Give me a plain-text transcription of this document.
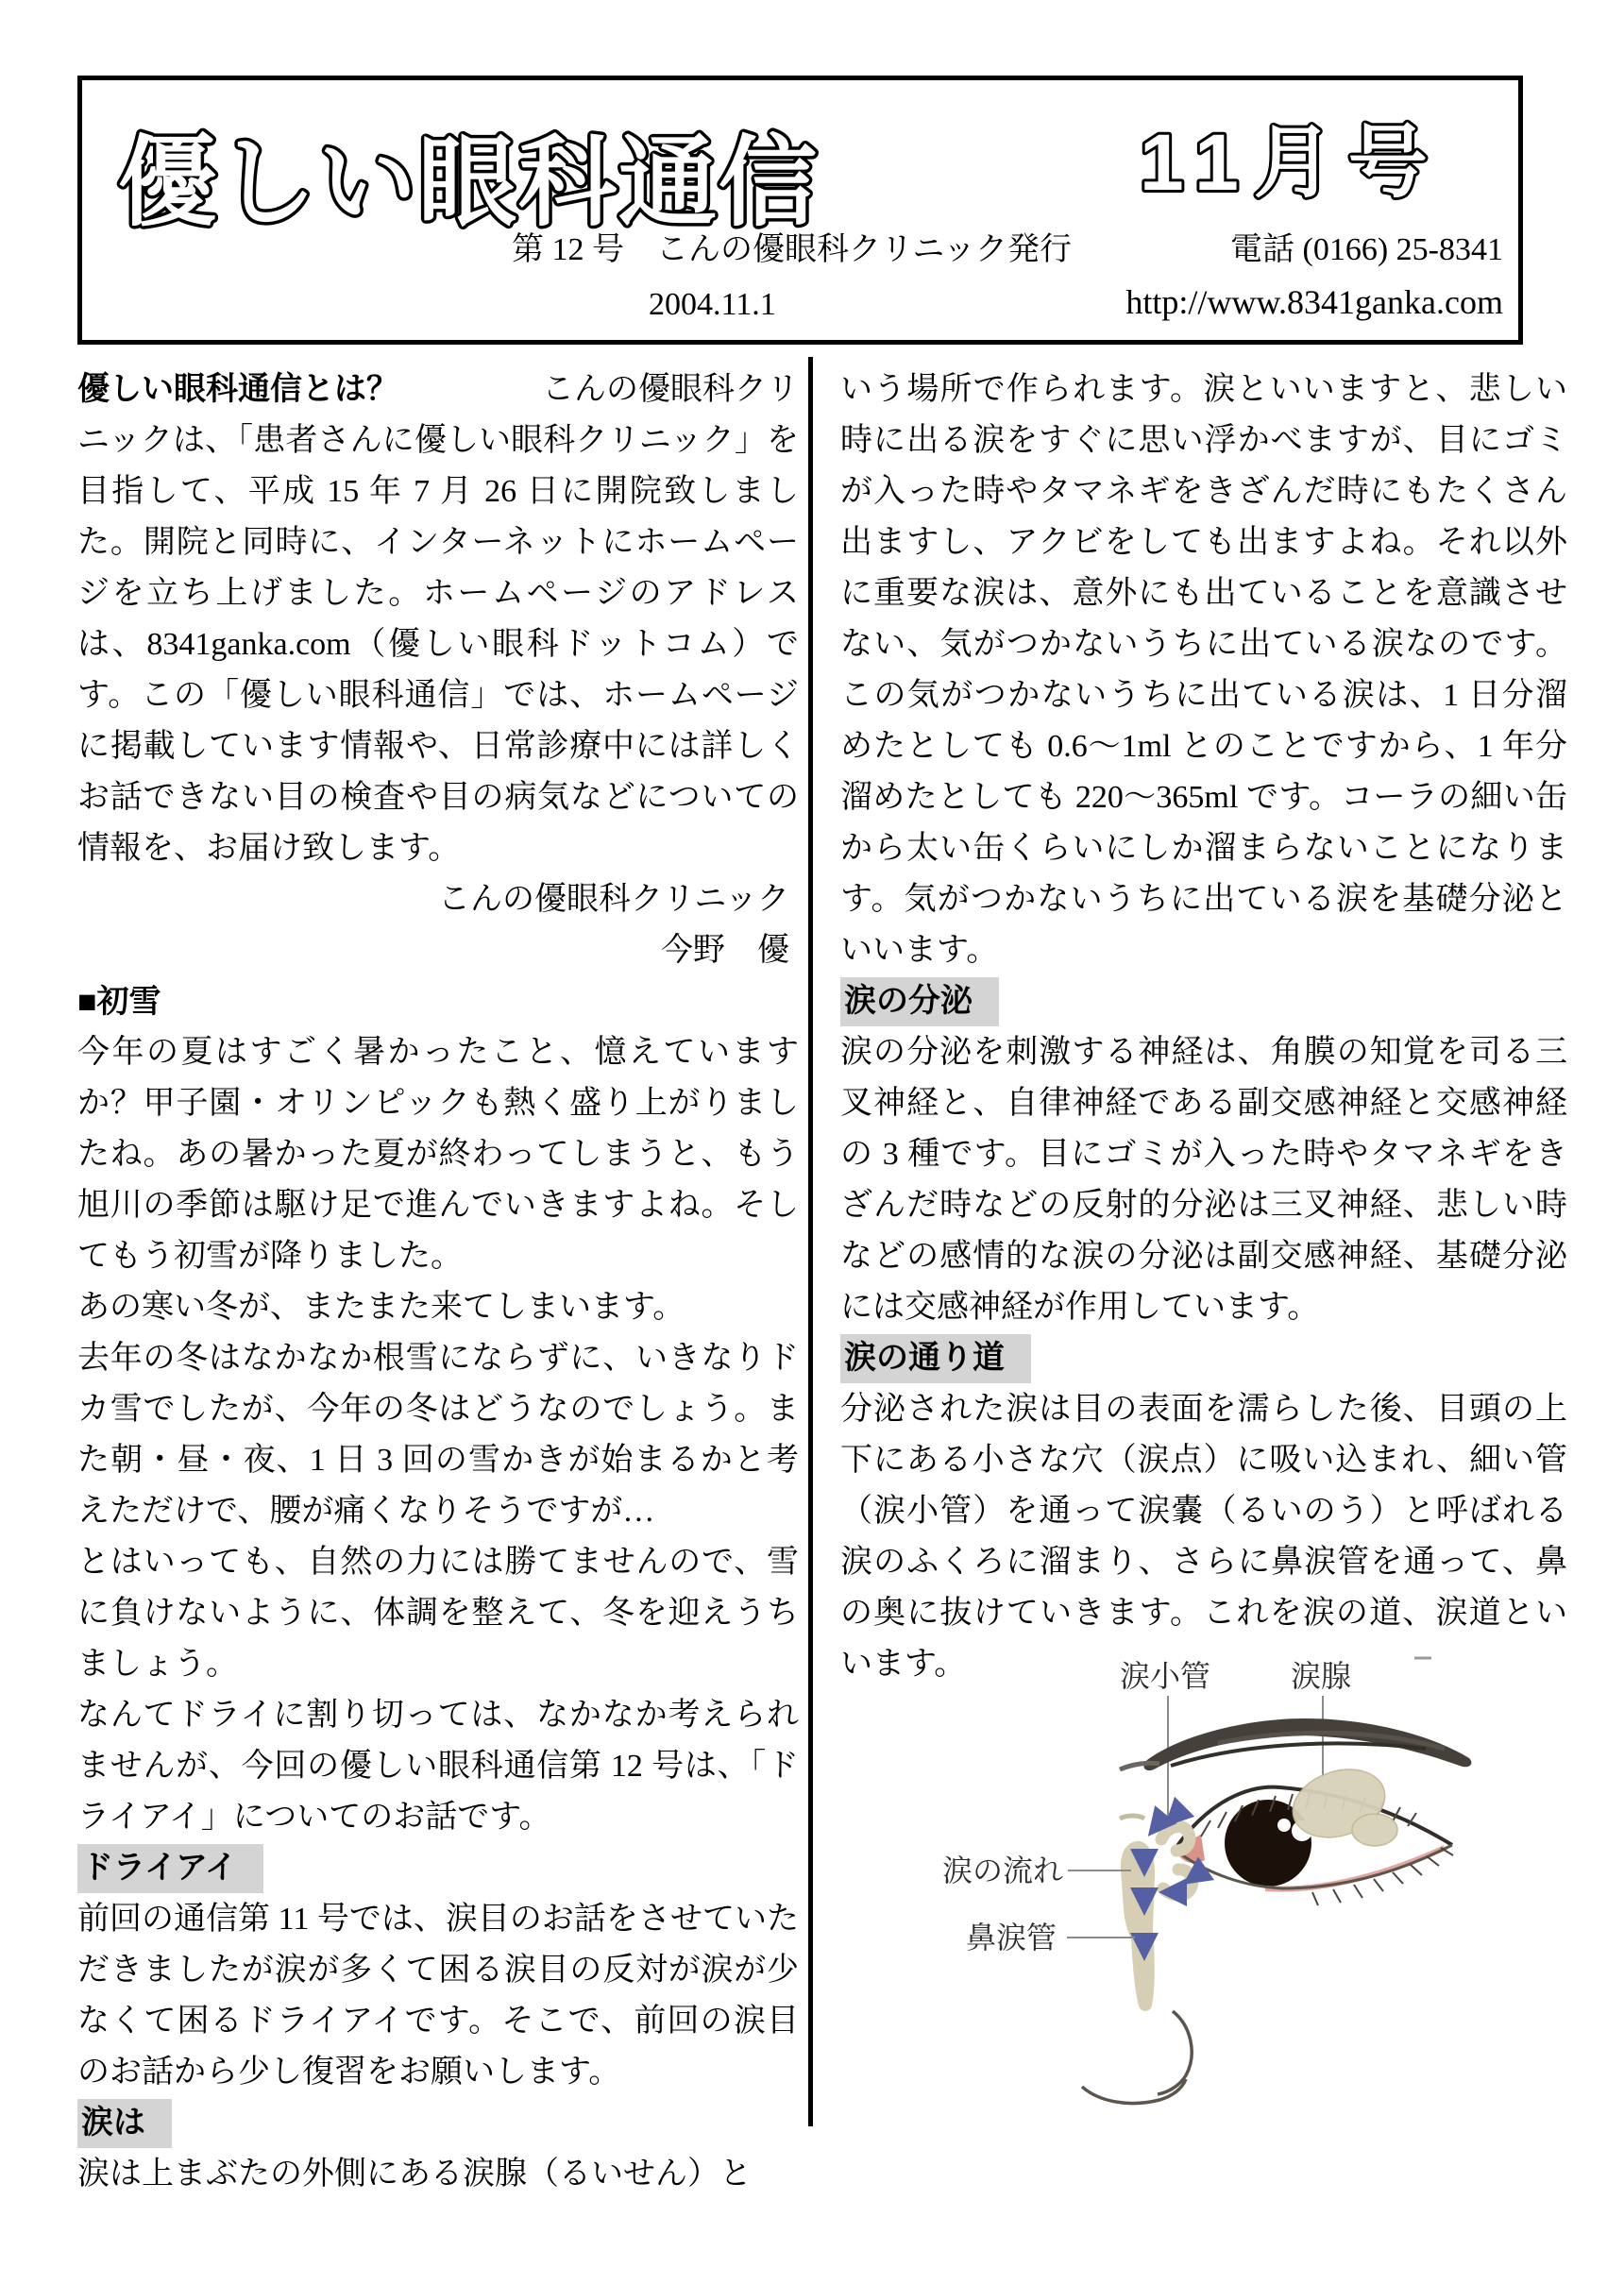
優しい眼科通信	11月号
第 12 号　こんの優眼科クリニック発行	電話 (0166) 25-8341
2004.11.1	http://www.8341ganka.com
優しい眼科通信とは？	こんの優眼科クリ
ニックは、「患者さんに優しい眼科クリニック」を目指して、平成 15 年 7 月 26 日に開院致しました。開院と同時に、インターネットにホームページを立ち上げました。ホームページのアドレスは、8341ganka.com（優しい眼科ドットコム）です。この「優しい眼科通信」では、ホームページに掲載しています情報や、日常診療中には詳しくお話できない目の検査や目の病気などについての情報を、お届け致します。
こんの優眼科クリニック
今野　優
■初雪
今年の夏はすごく暑かったこと、憶えていますか？甲子園・オリンピックも熱く盛り上がりましたね。あの暑かった夏が終わってしまうと、もう旭川の季節は駆け足で進んでいきますよね。そしてもう初雪が降りました。
あの寒い冬が、またまた来てしまいます。
去年の冬はなかなか根雪にならずに、いきなりドカ雪でしたが、今年の冬はどうなのでしょう。また朝・昼・夜、1 日 3 回の雪かきが始まるかと考えただけで、腰が痛くなりそうですが…
とはいっても、自然の力には勝てませんので、雪に負けないように、体調を整えて、冬を迎えうちましょう。
なんてドライに割り切っては、なかなか考えられませんが、今回の優しい眼科通信第 12 号は、「ドライアイ」についてのお話です。
ドライアイ
前回の通信第 11 号では、涙目のお話をさせていただきましたが涙が多くて困る涙目の反対が涙が少なくて困るドライアイです。そこで、前回の涙目のお話から少し復習をお願いします。
涙は
涙は上まぶたの外側にある涙腺（るいせん）と
いう場所で作られます。涙といいますと、悲しい時に出る涙をすぐに思い浮かべますが、目にゴミが入った時やタマネギをきざんだ時にもたくさん出ますし、アクビをしても出ますよね。それ以外に重要な涙は、意外にも出ていることを意識させない、気がつかないうちに出ている涙なのです。この気がつかないうちに出ている涙は、1 日分溜めたとしても 0.6〜1ml とのことですから、1 年分溜めたとしても 220〜365ml です。コーラの細い缶から太い缶くらいにしか溜まらないことになります。気がつかないうちに出ている涙を基礎分泌といいます。
涙の分泌
涙の分泌を刺激する神経は、角膜の知覚を司る三叉神経と、自律神経である副交感神経と交感神経の 3 種です。目にゴミが入った時やタマネギをきざんだ時などの反射的分泌は三叉神経、悲しい時などの感情的な涙の分泌は副交感神経、基礎分泌には交感神経が作用しています。
涙の通り道
分泌された涙は目の表面を濡らした後、目頭の上下にある小さな穴（涙点）に吸い込まれ、細い管（涙小管）を通って涙嚢（るいのう）と呼ばれる涙のふくろに溜まり、さらに鼻涙管を通って、鼻の奥に抜けていきます。これを涙の道、涙道といいます。	涙小管	涙腺
涙の流れ
鼻涙管
